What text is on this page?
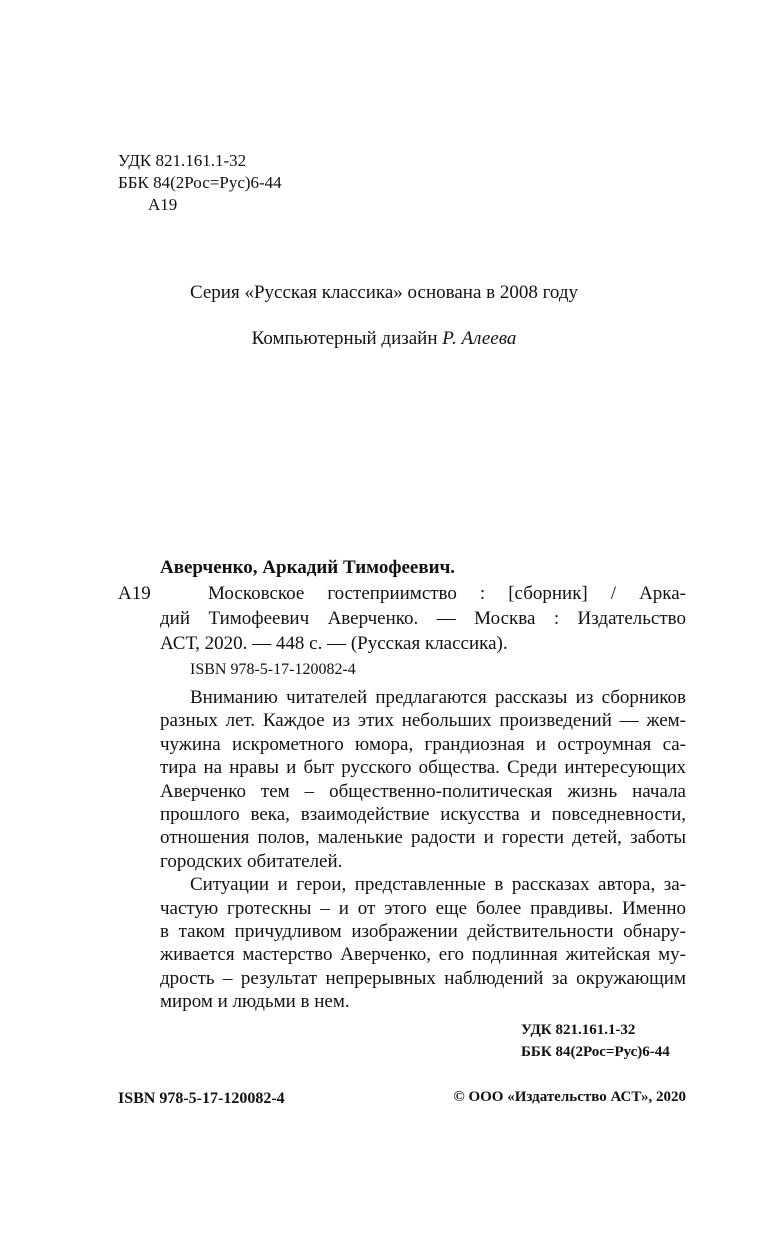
УДК 821.161.1-32
ББК 84(2Рос=Рус)6-44
А19
Серия «Русская классика» основана в 2008 году
Компьютерный дизайн Р. Алеева
Аверченко, Аркадий Тимофеевич.
А19	Московское гостеприимство : [сборник] / Арка-
дий Тимофеевич Аверченко. — Москва : Издательство
АСТ, 2020. — 448 с. — (Русская классика).
ISBN 978-5-17-120082-4
Вниманию читателей предлагаются рассказы из сборников
разных лет. Каждое из этих небольших произведений — жем-
чужина искрометного юмора, грандиозная и остроумная са-
тира на нравы и быт русского общества. Среди интересующих
Аверченко тем – общественно-политическая жизнь начала
прошлого века, взаимодействие искусства и повседневности,
отношения полов, маленькие радости и горести детей, заботы
городских обитателей.
Ситуации и герои, представленные в рассказах автора, за-
частую гротескны – и от этого еще более правдивы. Именно
в таком причудливом изображении действительности обнару-
живается мастерство Аверченко, его подлинная житейская му-
дрость – результат непрерывных наблюдений за окружающим
миром и людьми в нем.
УДК 821.161.1-32
ББК 84(2Рос=Рус)6-44
ISBN 978-5-17-120082-4	© ООО «Издательство АСТ», 2020
